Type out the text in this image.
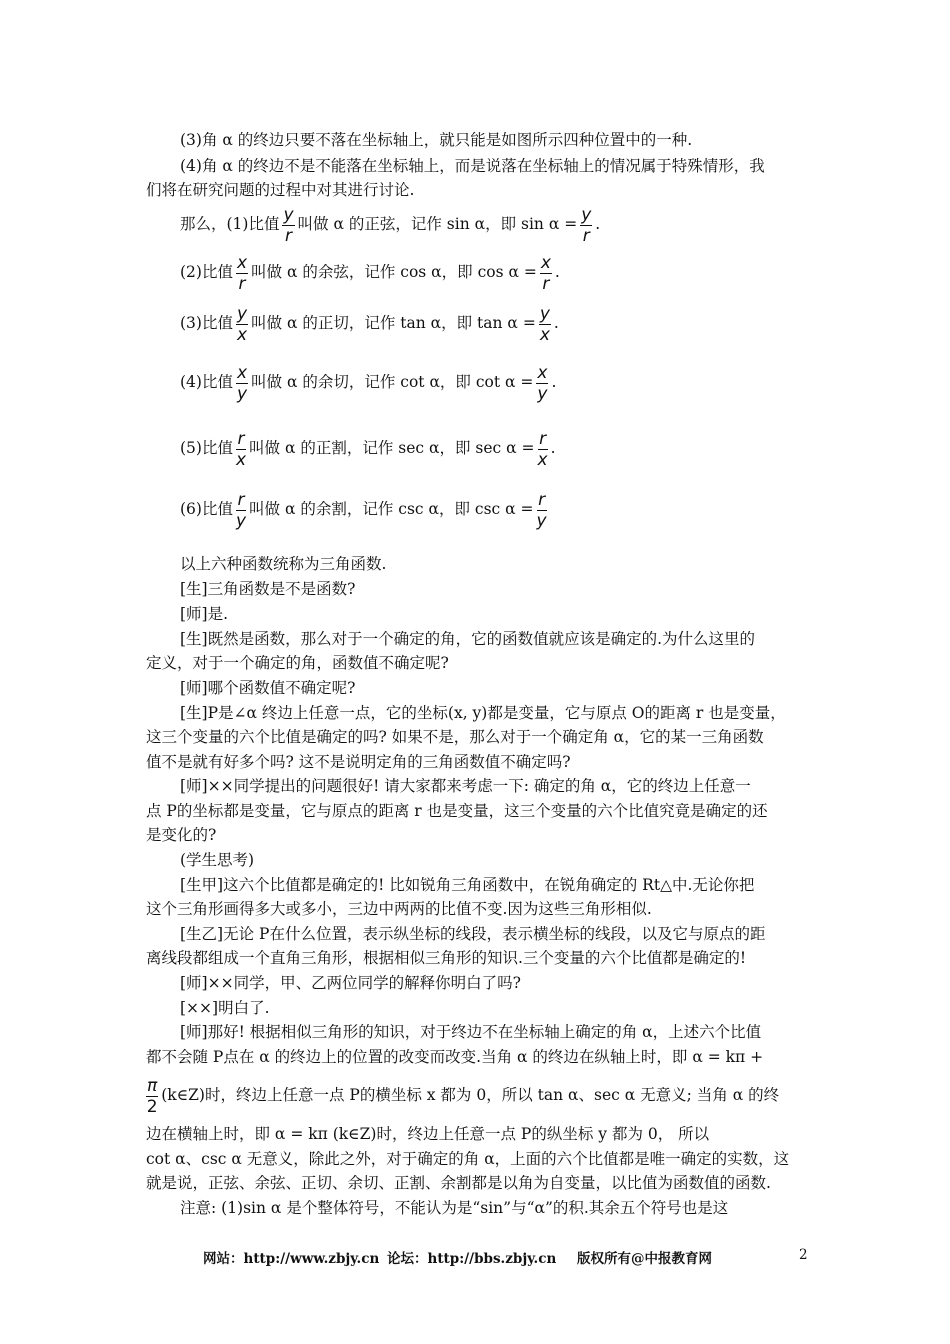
(3)角 α 的终边只要不落在坐标轴上，就只能是如图所示四种位置中的一种.
(4)角 α 的终边不是不能落在坐标轴上，而是说落在坐标轴上的情况属于特殊情形，我
们将在研究问题的过程中对其进行讨论.
那么，(1)比值 $\frac{y}{r}$ 叫做 α 的正弦，记作 sin α，即 $\sin \alpha = \frac{y}{r}$ .
(2)比值 $\frac{x}{r}$ 叫做 α 的余弦，记作 cos α，即 $\cos \alpha = \frac{x}{r}$ .
(3)比值 $\frac{y}{x}$ 叫做 α 的正切，记作 tan α，即 $\tan \alpha = \frac{y}{x}$ .
(4)比值 $\frac{x}{y}$ 叫做 α 的余切，记作 cot α，即 $\cot \alpha = \frac{x}{y}$ .
(5)比值 $\frac{r}{x}$ 叫做 α 的正割，记作 sec α，即 $\sec \alpha = \frac{r}{x}$ .
(6)比值 $\frac{r}{y}$ 叫做 α 的余割，记作 csc α，即 $\csc \alpha = \frac{r}{y}$
以上六种函数统称为三角函数.
[生]三角函数是不是函数?
[师]是.
[生]既然是函数，那么对于一个确定的角，它的函数值就应该是确定的.为什么这里的
定义，对于一个确定的角，函数值不确定呢?
[师]哪个函数值不确定呢?
[生]P是∠α 终边上任意一点，它的坐标(x, y)都是变量，它与原点 O的距离 r 也是变量，
这三个变量的六个比值是确定的吗? 如果不是，那么对于一个确定角 α，它的某一三角函数
值不是就有好多个吗? 这不是说明定角的三角函数值不确定吗?
[师]××同学提出的问题很好! 请大家都来考虑一下: 确定的角 α，它的终边上任意一
点 P的坐标都是变量，它与原点的距离 r 也是变量，这三个变量的六个比值究竟是确定的还
是变化的?
(学生思考)
[生甲]这六个比值都是确定的! 比如锐角三角函数中，在锐角确定的 Rt△中.无论你把
这个三角形画得多大或多小，三边中两两的比值不变.因为这些三角形相似.
[生乙]无论 P在什么位置，表示纵坐标的线段，表示横坐标的线段，以及它与原点的距
离线段都组成一个直角三角形，根据相似三角形的知识.三个变量的六个比值都是确定的!
[师]××同学，甲、乙两位同学的解释你明白了吗?
[××]明白了.
[师]那好! 根据相似三角形的知识，对于终边不在坐标轴上确定的角 α，上述六个比值
都不会随 P点在 α 的终边上的位置的改变而改变.当角 α 的终边在纵轴上时，即 α = kπ +
$\frac{\pi}{2}$ (k∈Z)时，终边上任意一点 P的横坐标 x 都为 0，所以 tan α、sec α 无意义; 当角 α 的终
边在横轴上时，即 α = kπ (k∈Z)时，终边上任意一点 P的纵坐标 y 都为 0， 所以
cot α、csc α 无意义，除此之外，对于确定的角 α，上面的六个比值都是唯一确定的实数，这
就是说，正弦、余弦、正切、余切、正割、余割都是以角为自变量，以比值为函数值的函数.
注意: (1)sin α 是个整体符号，不能认为是“sin”与“α”的积.其余五个符号也是这
网站：http://www.zbjy.cn 论坛：http://bbs.zbjy.cn 版权所有@中报教育网	2
